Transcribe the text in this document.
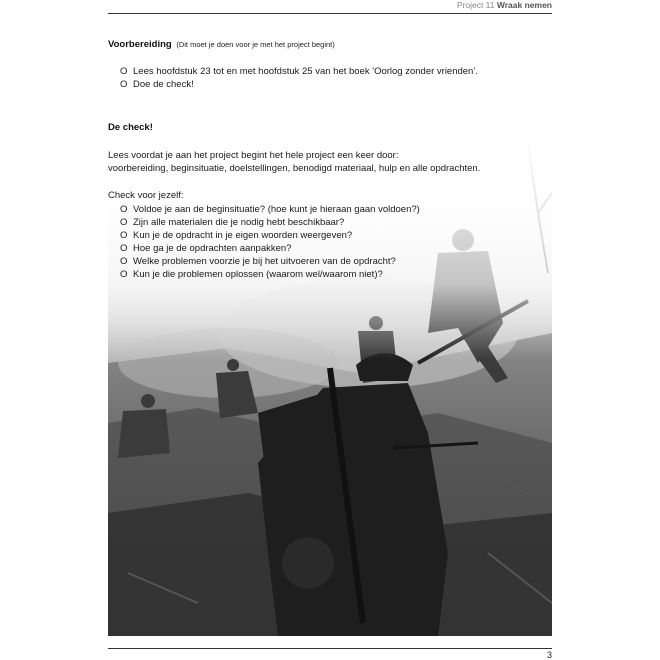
Project 11 Wraak nemen
Voorbereiding (Dit moet je doen voor je met het project begint)
O Lees hoofdstuk 23 tot en met hoofdstuk 25 van het boek 'Oorlog zonder vrienden'.
O Doe de check!
De check!

Lees voordat je aan het project begint het hele project een keer door:
voorbereiding, beginsituatie, doelstellingen, benodigd materiaal, hulp en alle opdrachten.

Check voor jezelf:

O Voldoe je aan de beginsituatie? (hoe kunt je hieraan gaan voldoen?)
O Zijn alle materialen die je nodig hebt beschikbaar?
O Kun je de opdracht in je eigen woorden weergeven?
O Hoe ga je de opdrachten aanpakken?
O Welke problemen voorzie je bij het uitvoeren van de opdracht?
O Kun je die problemen oplossen (waarom wel/waarom niet)?
3
